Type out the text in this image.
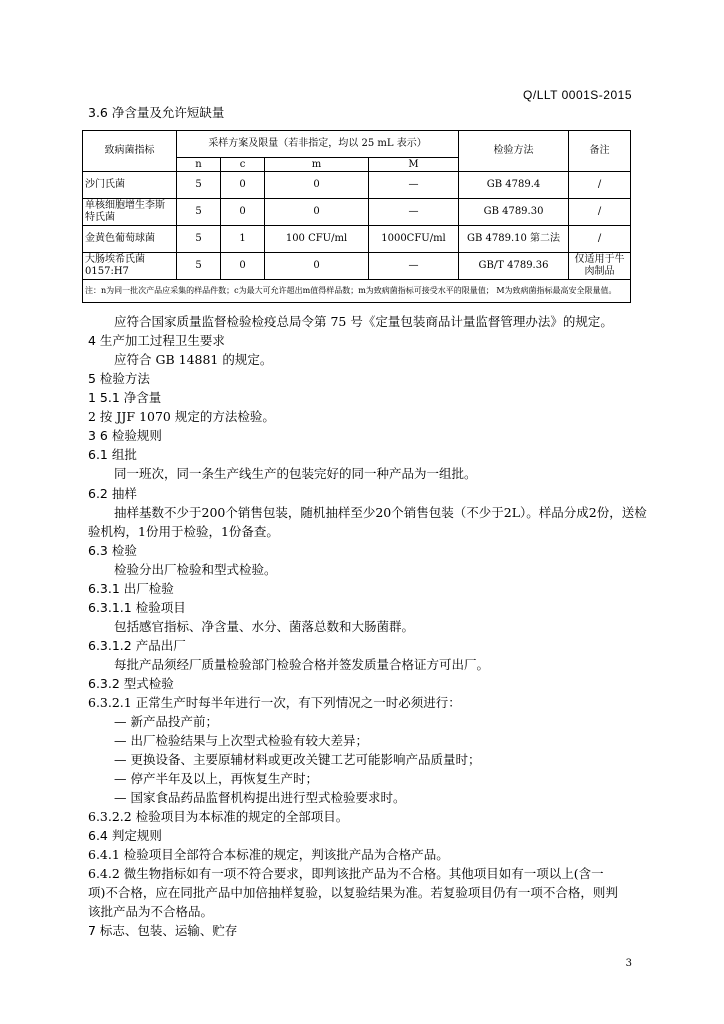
Q/LLT 0001S-2015
3.6 净含量及允许短缺量
致病菌指标	采样方案及限量（若非指定，均以 25 mL 表示）				检验方法	备注
	n	c	m	M		
沙门氏菌	5	0	0	—	GB 4789.4	/
单核细胞增生李斯特氏菌	5	0	0	—	GB 4789.30	/
金黄色葡萄球菌	5	1	100 CFU/ml	1000CFU/ml	GB 4789.10 第二法	/
大肠埃希氏菌 0157:H7	5	0	0	—	GB/T 4789.36	仅适用于牛肉制品
注：n为同一批次产品应采集的样品件数；c为最大可允许超出m值得样品数；m为致病菌指标可接受水平的限量值； M为致病菌指标最高安全限量值。						
应符合国家质量监督检验检疫总局令第 75 号《定量包装商品计量监督管理办法》的规定。
4 生产加工过程卫生要求
应符合 GB 14881 的规定。
5 检验方法
1 5.1 净含量
2 按 JJF 1070 规定的方法检验。
3 6 检验规则
6.1 组批
同一班次，同一条生产线生产的包装完好的同一种产品为一组批。
6.2 抽样
抽样基数不少于200个销售包装，随机抽样至少20个销售包装（不少于2L）。样品分成2份，送检
验机构，1份用于检验，1份备查。
6.3 检验
检验分出厂检验和型式检验。
6.3.1 出厂检验
6.3.1.1 检验项目
包括感官指标、净含量、水分、菌落总数和大肠菌群。
6.3.1.2 产品出厂
每批产品须经厂质量检验部门检验合格并签发质量合格证方可出厂。
6.3.2 型式检验
6.3.2.1 正常生产时每半年进行一次，有下列情况之一时必须进行：
— 新产品投产前；
— 出厂检验结果与上次型式检验有较大差异；
— 更换设备、主要原辅材料或更改关键工艺可能影响产品质量时；
— 停产半年及以上，再恢复生产时；
— 国家食品药品监督机构提出进行型式检验要求时。
6.3.2.2 检验项目为本标准的规定的全部项目。
6.4 判定规则
6.4.1 检验项目全部符合本标准的规定，判该批产品为合格产品。
6.4.2 微生物指标如有一项不符合要求，即判该批产品为不合格。其他项目如有一项以上(含一
项)不合格，应在同批产品中加倍抽样复验，以复验结果为准。若复验项目仍有一项不合格，则判
该批产品为不合格品。
7 标志、包装、运输、贮存
3
